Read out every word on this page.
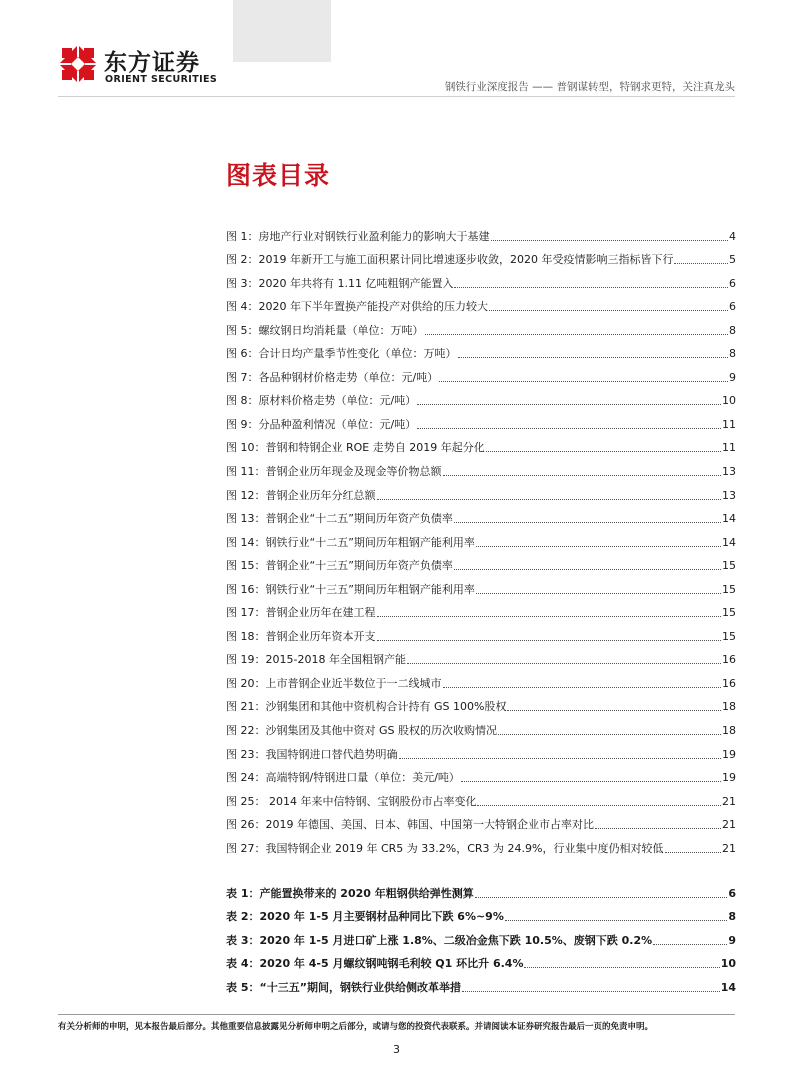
东方证券
ORIENT SECURITIES
钢铁行业深度报告 —— 普钢谋转型，特钢求更特，关注真龙头
图表目录
图 1：房地产行业对钢铁行业盈利能力的影响大于基建	4
图 2：2019 年新开工与施工面积累计同比增速逐步收敛，2020 年受疫情影响三指标皆下行	5
图 3：2020 年共将有 1.11 亿吨粗钢产能置入	6
图 4：2020 年下半年置换产能投产对供给的压力较大	6
图 5：螺纹钢日均消耗量（单位：万吨）	8
图 6：合计日均产量季节性变化（单位：万吨）	8
图 7：各品种钢材价格走势（单位：元/吨）	9
图 8：原材料价格走势（单位：元/吨）	10
图 9：分品种盈利情况（单位：元/吨）	11
图 10：普钢和特钢企业 ROE 走势自 2019 年起分化	11
图 11：普钢企业历年现金及现金等价物总额	13
图 12：普钢企业历年分红总额	13
图 13：普钢企业“十二五”期间历年资产负债率	14
图 14：钢铁行业“十二五”期间历年粗钢产能利用率	14
图 15：普钢企业“十三五”期间历年资产负债率	15
图 16：钢铁行业“十三五”期间历年粗钢产能利用率	15
图 17：普钢企业历年在建工程	15
图 18：普钢企业历年资本开支	15
图 19：2015-2018 年全国粗钢产能	16
图 20：上市普钢企业近半数位于一二线城市	16
图 21：沙钢集团和其他中资机构合计持有 GS 100%股权	18
图 22：沙钢集团及其他中资对 GS 股权的历次收购情况	18
图 23：我国特钢进口替代趋势明确	19
图 24：高端特钢/特钢进口量（单位：美元/吨）	19
图 25： 2014 年来中信特钢、宝钢股份市占率变化	21
图 26：2019 年德国、美国、日本、韩国、中国第一大特钢企业市占率对比	21
图 27：我国特钢企业 2019 年 CR5 为 33.2%，CR3 为 24.9%，行业集中度仍相对较低	21
表 1：产能置换带来的 2020 年粗钢供给弹性测算	6
表 2：2020 年 1-5 月主要钢材品种同比下跌 6%~9%	8
表 3：2020 年 1-5 月进口矿上涨 1.8%、二级冶金焦下跌 10.5%、废钢下跌 0.2%	9
表 4：2020 年 4-5 月螺纹钢吨钢毛利较 Q1 环比升 6.4%	10
表 5：“十三五”期间，钢铁行业供给侧改革举措	14
有关分析师的申明，见本报告最后部分。其他重要信息披露见分析师申明之后部分，或请与您的投资代表联系。并请阅读本证券研究报告最后一页的免责申明。
3
